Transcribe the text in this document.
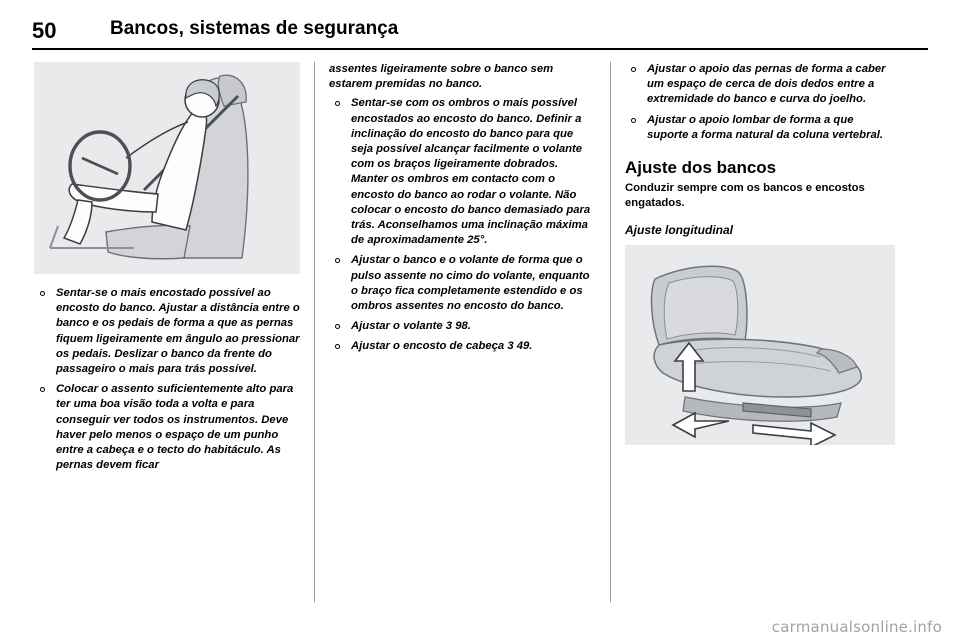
50	Bancos, sistemas de segurança
Sentar-se o mais encostado possível ao encosto do banco. Ajustar a distância entre o banco e os pedais de forma a que as pernas fiquem ligeiramente em ângulo ao pressionar os pedais. Deslizar o banco da frente do passageiro o mais para trás possível.
Colocar o assento suficientemente alto para ter uma boa visão toda a volta e para conseguir ver todos os instrumentos. Deve haver pelo menos o espaço de um punho entre a cabeça e o tecto do habitáculo. As pernas devem ficar
assentes ligeiramente sobre o banco sem estarem premidas no banco.
Sentar-se com os ombros o mais possível encostados ao encosto do banco. Definir a inclinação do encosto do banco para que seja possível alcançar facilmente o volante com os braços ligeiramente dobrados. Manter os ombros em contacto com o encosto do banco ao rodar o volante. Não colocar o encosto do banco demasiado para trás. Aconselhamos uma inclinação máxima de aproximadamente 25°.
Ajustar o banco e o volante de forma que o pulso assente no cimo do volante, enquanto o braço fica completamente estendido e os ombros assentes no encosto do banco.
Ajustar o volante 3 98.
Ajustar o encosto de cabeça 3 49.
Ajustar o apoio das pernas de forma a caber um espaço de cerca de dois dedos entre a extremidade do banco e curva do joelho.
Ajustar o apoio lombar de forma a que suporte a forma natural da coluna vertebral.
Ajuste dos bancos
Conduzir sempre com os bancos e encostos engatados.
Ajuste longitudinal
carmanualsonline.info
